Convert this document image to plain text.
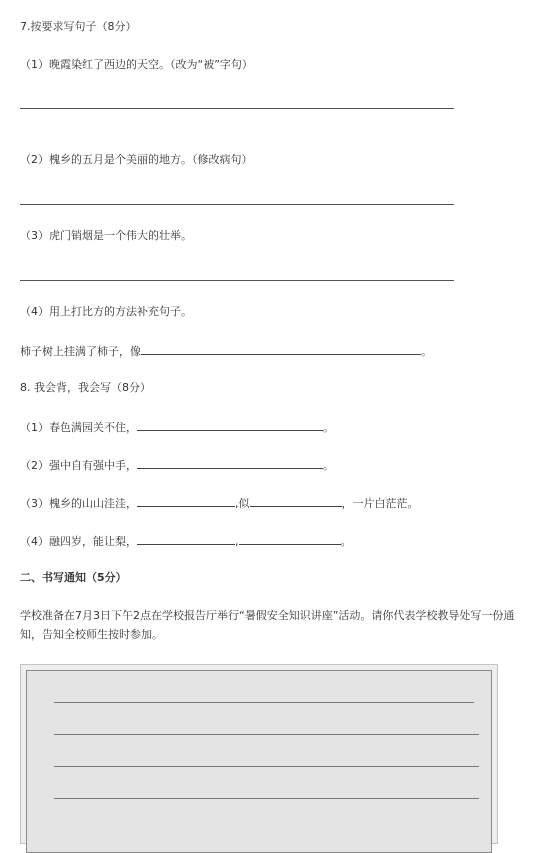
7.按要求写句子（8分）
（1）晚霞染红了西边的天空。（改为“被”字句）
（2）槐乡的五月是个美丽的地方。（修改病句）
（3）虎门销烟是一个伟大的壮举。
（4）用上打比方的方法补充句子。
柿子树上挂满了柿子，像	。
8. 我会背，我会写（8分）
（1）春色满园关不住，	。
（2）强中自有强中手，	。
（3）槐乡的山山洼洼，	,似	，一片白茫茫。
（4）融四岁，能让梨，	,	。
二、书写通知（5分）
学校准备在7月3日下午2点在学校报告厅举行“暑假安全知识讲座”活动。请你代表学校教导处写一份通
知，告知全校师生按时参加。
